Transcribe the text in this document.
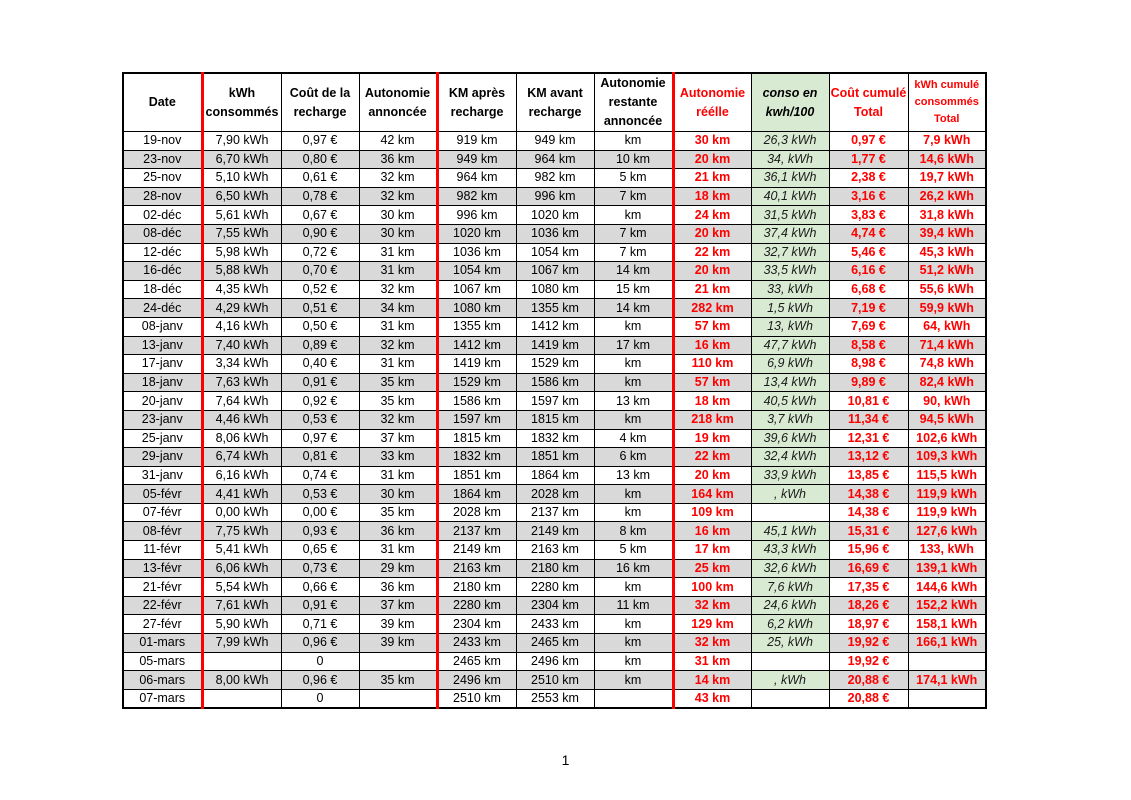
Date	kWh consommés	Coût de la recharge	Autonomie annoncée	KM après recharge	KM avant recharge	Autonomie restante annoncée	Autonomie réélle	conso en kwh/100	Coût cumulé Total	kWh cumulé consommés Total
19-nov	7,90 kWh	0,97 €	42 km	919 km	949 km	km	30 km	26,3 kWh	0,97 €	7,9 kWh
23-nov	6,70 kWh	0,80 €	36 km	949 km	964 km	10 km	20 km	34, kWh	1,77 €	14,6 kWh
25-nov	5,10 kWh	0,61 €	32 km	964 km	982 km	5 km	21 km	36,1 kWh	2,38 €	19,7 kWh
28-nov	6,50 kWh	0,78 €	32 km	982 km	996 km	7 km	18 km	40,1 kWh	3,16 €	26,2 kWh
02-déc	5,61 kWh	0,67 €	30 km	996 km	1020 km	km	24 km	31,5 kWh	3,83 €	31,8 kWh
08-déc	7,55 kWh	0,90 €	30 km	1020 km	1036 km	7 km	20 km	37,4 kWh	4,74 €	39,4 kWh
12-déc	5,98 kWh	0,72 €	31 km	1036 km	1054 km	7 km	22 km	32,7 kWh	5,46 €	45,3 kWh
16-déc	5,88 kWh	0,70 €	31 km	1054 km	1067 km	14 km	20 km	33,5 kWh	6,16 €	51,2 kWh
18-déc	4,35 kWh	0,52 €	32 km	1067 km	1080 km	15 km	21 km	33, kWh	6,68 €	55,6 kWh
24-déc	4,29 kWh	0,51 €	34 km	1080 km	1355 km	14 km	282 km	1,5 kWh	7,19 €	59,9 kWh
08-janv	4,16 kWh	0,50 €	31 km	1355 km	1412 km	km	57 km	13, kWh	7,69 €	64, kWh
13-janv	7,40 kWh	0,89 €	32 km	1412 km	1419 km	17 km	16 km	47,7 kWh	8,58 €	71,4 kWh
17-janv	3,34 kWh	0,40 €	31 km	1419 km	1529 km	km	110 km	6,9 kWh	8,98 €	74,8 kWh
18-janv	7,63 kWh	0,91 €	35 km	1529 km	1586 km	km	57 km	13,4 kWh	9,89 €	82,4 kWh
20-janv	7,64 kWh	0,92 €	35 km	1586 km	1597 km	13 km	18 km	40,5 kWh	10,81 €	90, kWh
23-janv	4,46 kWh	0,53 €	32 km	1597 km	1815 km	km	218 km	3,7 kWh	11,34 €	94,5 kWh
25-janv	8,06 kWh	0,97 €	37 km	1815 km	1832 km	4 km	19 km	39,6 kWh	12,31 €	102,6 kWh
29-janv	6,74 kWh	0,81 €	33 km	1832 km	1851 km	6 km	22 km	32,4 kWh	13,12 €	109,3 kWh
31-janv	6,16 kWh	0,74 €	31 km	1851 km	1864 km	13 km	20 km	33,9 kWh	13,85 €	115,5 kWh
05-févr	4,41 kWh	0,53 €	30 km	1864 km	2028 km	km	164 km	, kWh	14,38 €	119,9 kWh
07-févr	0,00 kWh	0,00 €	35 km	2028 km	2137 km	km	109 km		14,38 €	119,9 kWh
08-févr	7,75 kWh	0,93 €	36 km	2137 km	2149 km	8 km	16 km	45,1 kWh	15,31 €	127,6 kWh
11-févr	5,41 kWh	0,65 €	31 km	2149 km	2163 km	5 km	17 km	43,3 kWh	15,96 €	133, kWh
13-févr	6,06 kWh	0,73 €	29 km	2163 km	2180 km	16 km	25 km	32,6 kWh	16,69 €	139,1 kWh
21-févr	5,54 kWh	0,66 €	36 km	2180 km	2280 km	km	100 km	7,6 kWh	17,35 €	144,6 kWh
22-févr	7,61 kWh	0,91 €	37 km	2280 km	2304 km	11 km	32 km	24,6 kWh	18,26 €	152,2 kWh
27-févr	5,90 kWh	0,71 €	39 km	2304 km	2433 km	km	129 km	6,2 kWh	18,97 €	158,1 kWh
01-mars	7,99 kWh	0,96 €	39 km	2433 km	2465 km	km	32 km	25, kWh	19,92 €	166,1 kWh
05-mars		0		2465 km	2496 km	km	31 km		19,92 €	
06-mars	8,00 kWh	0,96 €	35 km	2496 km	2510 km	km	14 km	, kWh	20,88 €	174,1 kWh
07-mars		0		2510 km	2553 km		43 km		20,88 €	
1
